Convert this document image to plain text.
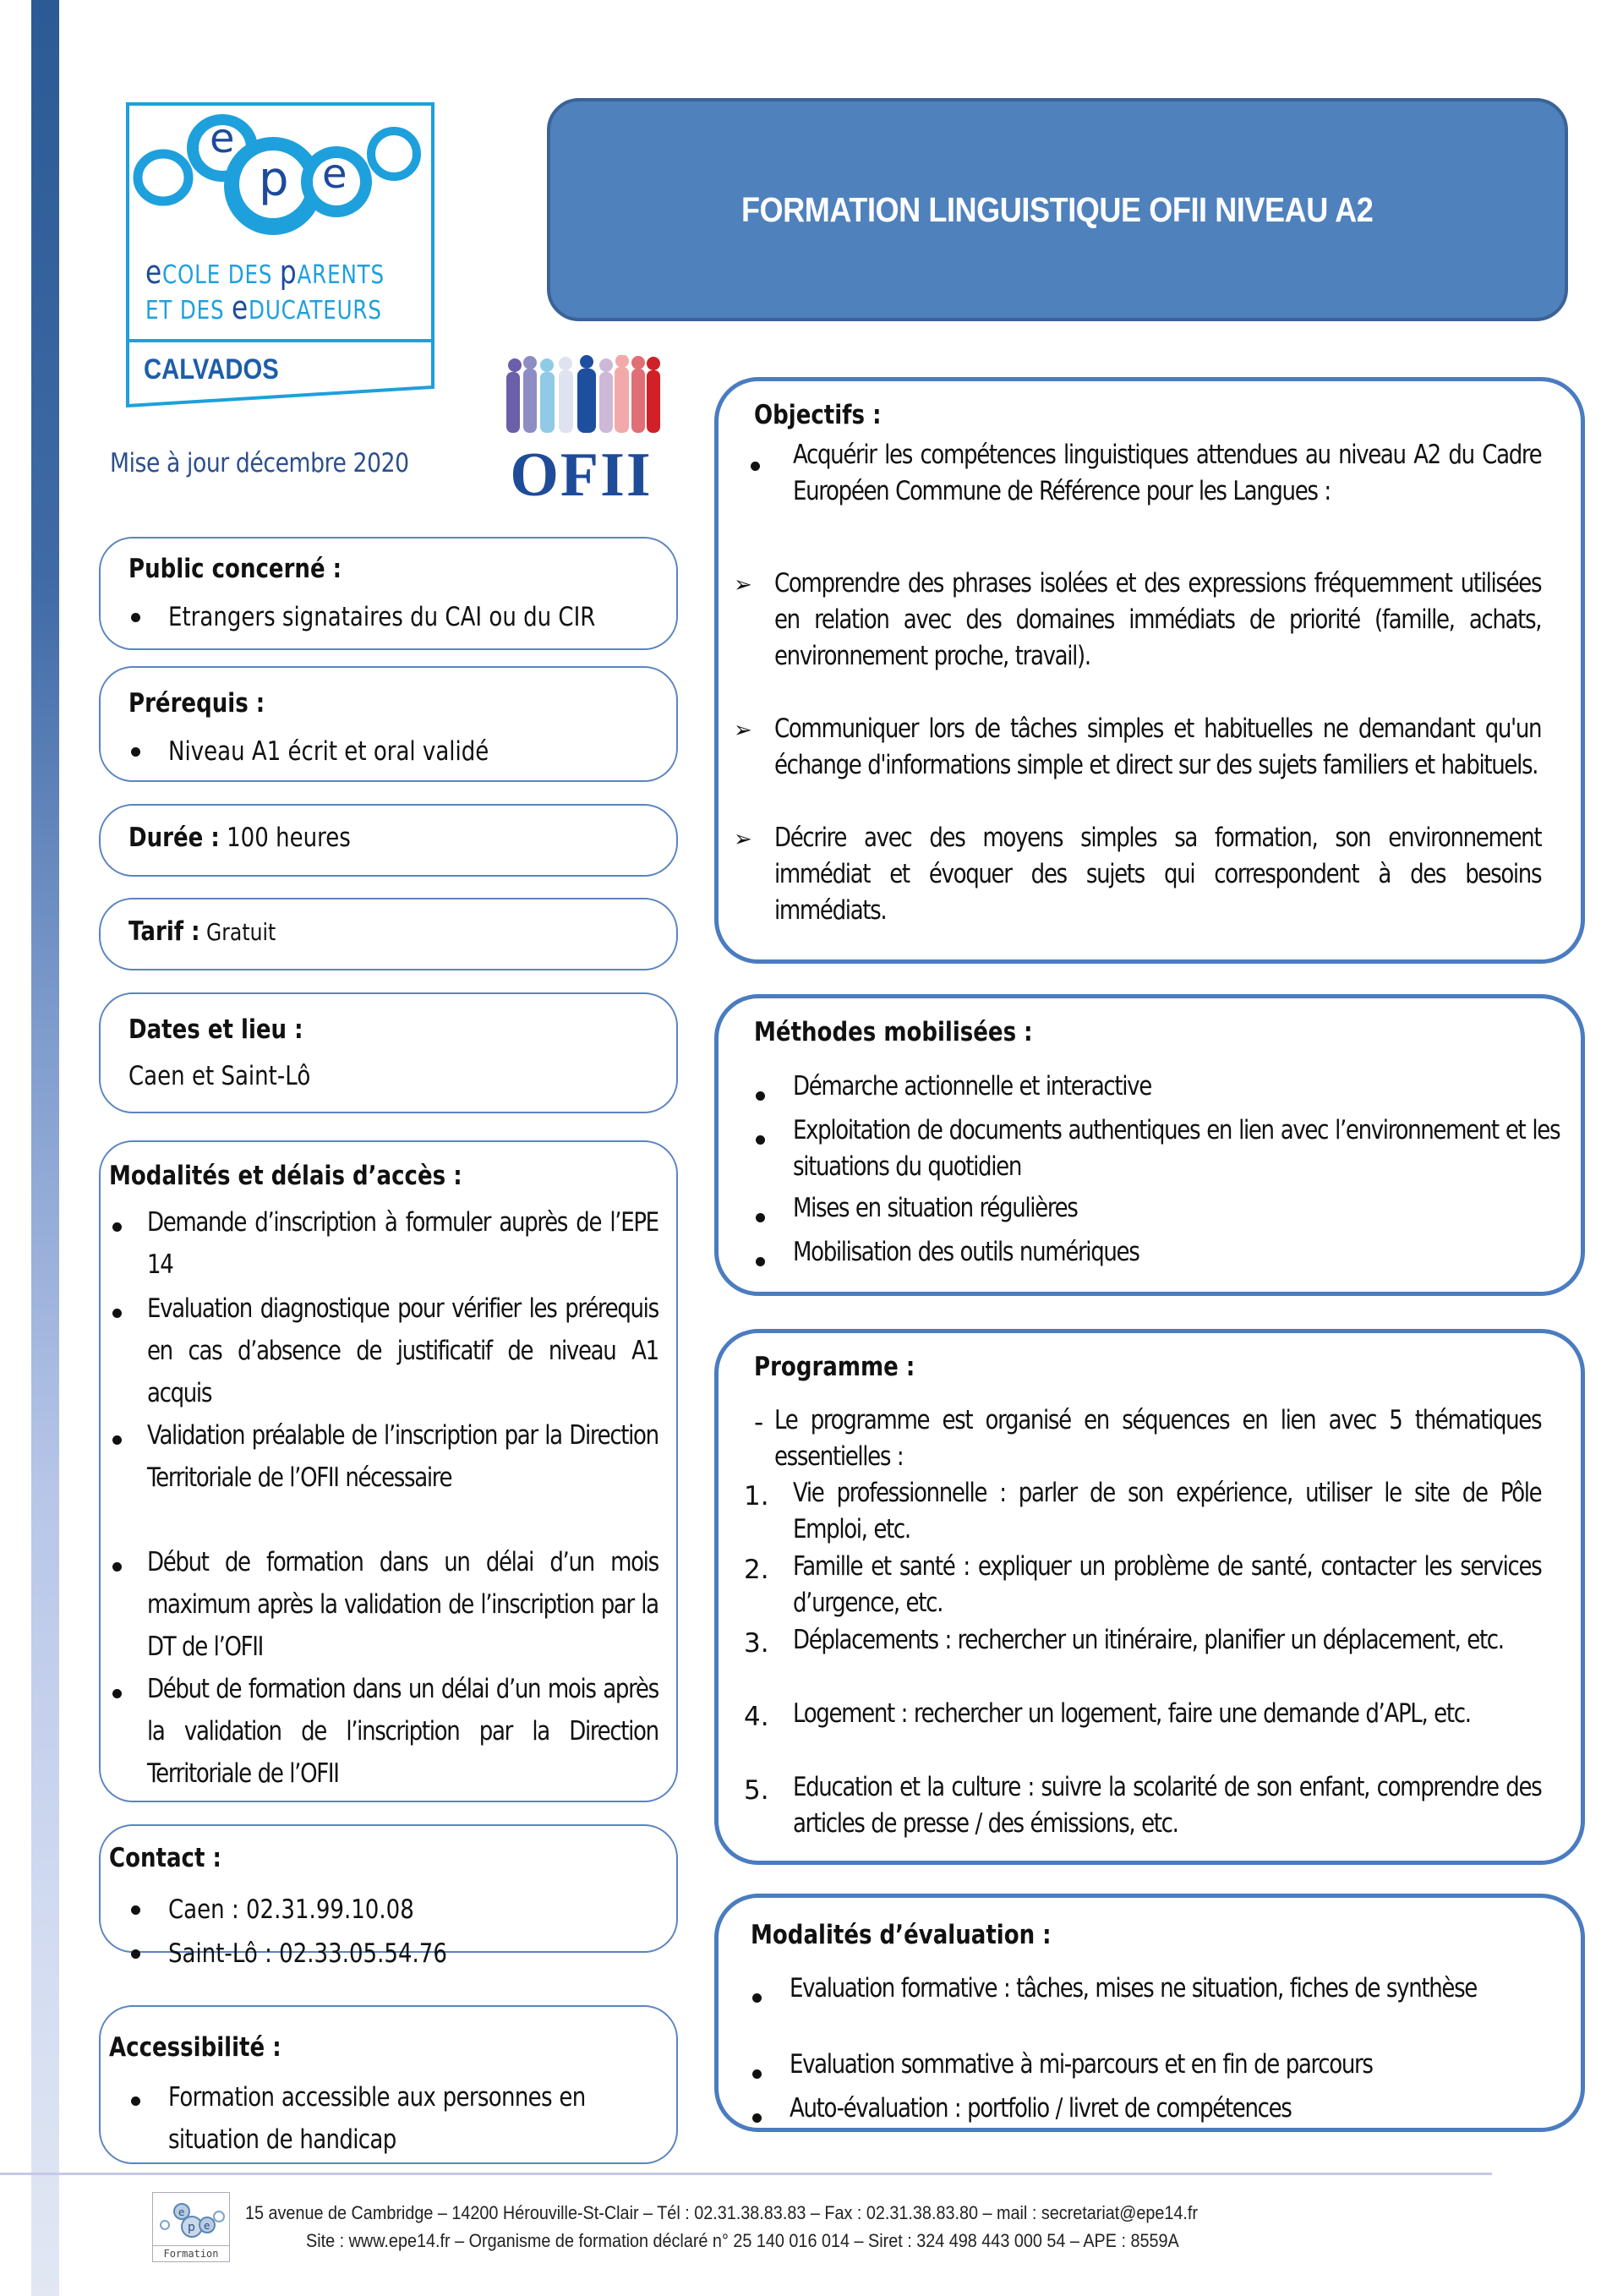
e
p e
eCOLE DES pARENTS
ET DES eDUCATEURS
CALVADOS
Mise à jour décembre 2020 OFII
FORMATION LINGUISTIQUE OFII NIVEAU A2
Public concerné :
Etrangers signataires du CAI ou du CIR
Prérequis :
Niveau A1 écrit et oral validé
Durée : 100 heures
Tarif : Gratuit
Dates et lieu :
Caen et Saint-Lô
Modalités et délais d’accès :
Demande d’inscription à formuler auprès de l’EPE 14
Evaluation diagnostique pour vérifier les prérequis en cas d’absence de justificatif de niveau A1 acquis
Validation préalable de l’inscription par la Direction Territoriale de l’OFII nécessaire
Début de formation dans un délai d’un mois maximum après la validation de l’inscription par la DT de l’OFII
Début de formation dans un délai d’un mois après la validation de l’inscription par la Direction Territoriale de l’OFII
Contact :
Caen : 02.31.99.10.08
Saint-Lô : 02.33.05.54.76
Accessibilité :
Formation accessible aux personnes en situation de handicap
Objectifs :
Acquérir les compétences linguistiques attendues au niveau A2 du Cadre Européen Commune de Référence pour les Langues :
➢ Comprendre des phrases isolées et des expressions fréquemment utilisées en relation avec des domaines immédiats de priorité (famille, achats, environnement proche, travail).
➢ Communiquer lors de tâches simples et habituelles ne demandant qu'un échange d'informations simple et direct sur des sujets familiers et habituels.
➢ Décrire avec des moyens simples sa formation, son environnement immédiat et évoquer des sujets qui correspondent à des besoins immédiats.
Méthodes mobilisées :
Démarche actionnelle et interactive
Exploitation de documents authentiques en lien avec l’environnement et les situations du quotidien
Mises en situation régulières
Mobilisation des outils numériques
Programme :
- Le programme est organisé en séquences en lien avec 5 thématiques essentielles :
1. Vie professionnelle : parler de son expérience, utiliser le site de Pôle Emploi, etc.
2. Famille et santé : expliquer un problème de santé, contacter les services d’urgence, etc.
3. Déplacements : rechercher un itinéraire, planifier un déplacement, etc.
4. Logement : rechercher un logement, faire une demande d’APL, etc.
5. Education et la culture : suivre la scolarité de son enfant, comprendre des articles de presse / des émissions, etc.
Modalités d’évaluation :
Evaluation formative : tâches, mises ne situation, fiches de synthèse
Evaluation sommative à mi-parcours et en fin de parcours
Auto-évaluation : portfolio / livret de compétences
e
p e
Formation
15 avenue de Cambridge – 14200 Hérouville-St-Clair – Tél : 02.31.38.83.83 – Fax : 02.31.38.83.80 – mail : secretariat@epe14.fr
Site : www.epe14.fr – Organisme de formation déclaré n° 25 140 016 014 – Siret : 324 498 443 000 54 – APE : 8559A
